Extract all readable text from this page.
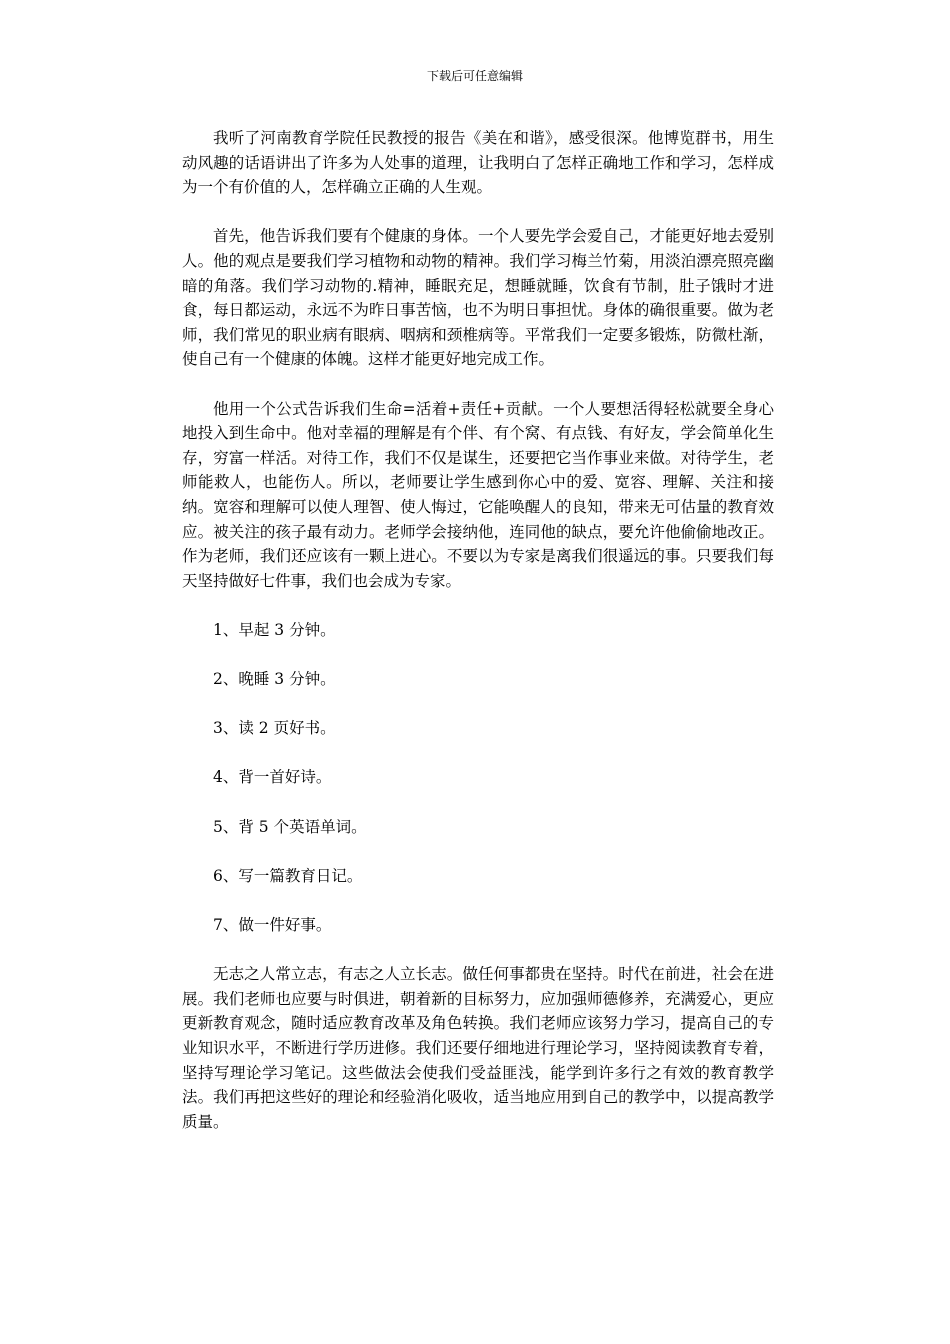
下载后可任意编辑

我听了河南教育学院任民教授的报告《美在和谐》，感受很深。他博览群书，用生动风趣的话语讲出了许多为人处事的道理，让我明白了怎样正确地工作和学习，怎样成为一个有价值的人，怎样确立正确的人生观。

首先，他告诉我们要有个健康的身体。一个人要先学会爱自己，才能更好地去爱别人。他的观点是要我们学习植物和动物的精神。我们学习梅兰竹菊，用淡泊漂亮照亮幽暗的角落。我们学习动物的.精神，睡眠充足，想睡就睡，饮食有节制，肚子饿时才进食，每日都运动，永远不为昨日事苦恼，也不为明日事担忧。身体的确很重要。做为老师，我们常见的职业病有眼病、咽病和颈椎病等。平常我们一定要多锻炼，防微杜渐，使自己有一个健康的体魄。这样才能更好地完成工作。

他用一个公式告诉我们生命=活着+责任+贡献。一个人要想活得轻松就要全身心地投入到生命中。他对幸福的理解是有个伴、有个窝、有点钱、有好友，学会简单化生存，穷富一样活。对待工作，我们不仅是谋生，还要把它当作事业来做。对待学生，老师能救人，也能伤人。所以，老师要让学生感到你心中的爱、宽容、理解、关注和接纳。宽容和理解可以使人理智、使人悔过，它能唤醒人的良知，带来无可估量的教育效应。被关注的孩子最有动力。老师学会接纳他，连同他的缺点，要允许他偷偷地改正。作为老师，我们还应该有一颗上进心。不要以为专家是离我们很遥远的事。只要我们每天坚持做好七件事，我们也会成为专家。

1、早起 3 分钟。

2、晚睡 3 分钟。

3、读 2 页好书。

4、背一首好诗。

5、背 5 个英语单词。

6、写一篇教育日记。

7、做一件好事。

无志之人常立志，有志之人立长志。做任何事都贵在坚持。时代在前进，社会在进展。我们老师也应要与时俱进，朝着新的目标努力，应加强师德修养，充满爱心，更应更新教育观念，随时适应教育改革及角色转换。我们老师应该努力学习，提高自己的专业知识水平，不断进行学历进修。我们还要仔细地进行理论学习，坚持阅读教育专着，坚持写理论学习笔记。这些做法会使我们受益匪浅，能学到许多行之有效的教育教学法。我们再把这些好的理论和经验消化吸收，适当地应用到自己的教学中，以提高教学质量。
